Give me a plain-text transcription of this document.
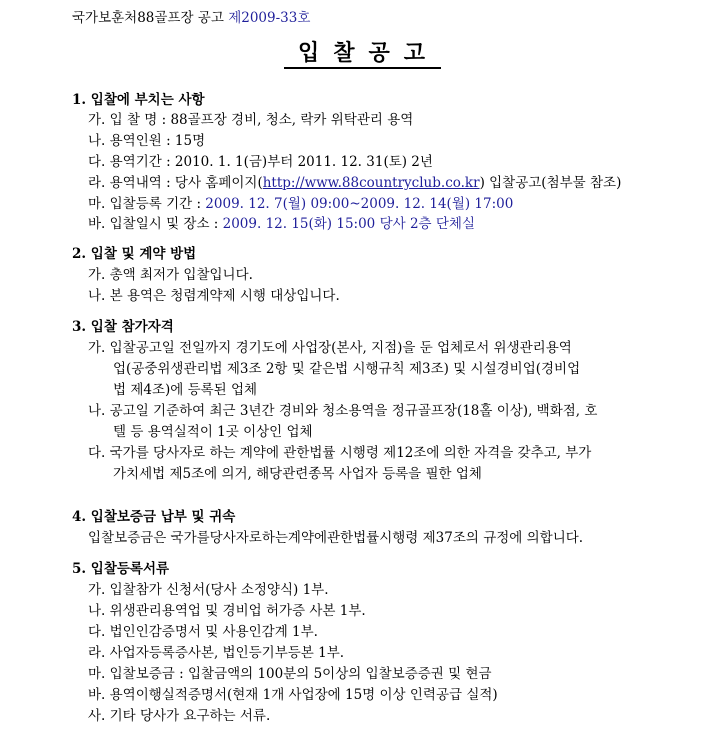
국가보훈처88골프장 공고 제2009-33호
입찰공고
1. 입찰에 부치는 사항
가. 입 찰 명 : 88골프장 경비, 청소, 락카 위탁관리 용역
나. 용역인원 : 15명
다. 용역기간 : 2010. 1. 1(금)부터 2011. 12. 31(토) 2년
라. 용역내역 : 당사 홈페이지(http://www.88countryclub.co.kr) 입찰공고(첨부물 참조)
마. 입찰등록 기간 : 2009. 12. 7(월) 09:00~2009. 12. 14(월) 17:00
바. 입찰일시 및 장소 : 2009. 12. 15(화) 15:00 당사 2층 단체실
2. 입찰 및 계약 방법
가. 총액 최저가 입찰입니다.
나. 본 용역은 청렴계약제 시행 대상입니다.
3. 입찰 참가자격
가. 입찰공고일 전일까지 경기도에 사업장(본사, 지점)을 둔 업체로서 위생관리용역
업(공중위생관리법 제3조 2항 및 같은법 시행규칙 제3조) 및 시설경비업(경비업
법 제4조)에 등록된 업체
나. 공고일 기준하여 최근 3년간 경비와 청소용역을 정규골프장(18홀 이상), 백화점, 호
텔 등 용역실적이 1곳 이상인 업체
다. 국가를 당사자로 하는 계약에 관한법률 시행령 제12조에 의한 자격을 갖추고, 부가
가치세법 제5조에 의거, 해당관련종목 사업자 등록을 필한 업체
4. 입찰보증금 납부 및 귀속
입찰보증금은 국가를당사자로하는계약에관한법률시행령 제37조의 규정에 의합니다.
5. 입찰등록서류
가. 입찰참가 신청서(당사 소정양식) 1부.
나. 위생관리용역업 및 경비업 허가증 사본 1부.
다. 법인인감증명서 및 사용인감계 1부.
라. 사업자등록증사본, 법인등기부등본 1부.
마. 입찰보증금 : 입찰금액의 100분의 5이상의 입찰보증증권 및 현금
바. 용역이행실적증명서(현재 1개 사업장에 15명 이상 인력공급 실적)
사. 기타 당사가 요구하는 서류.
